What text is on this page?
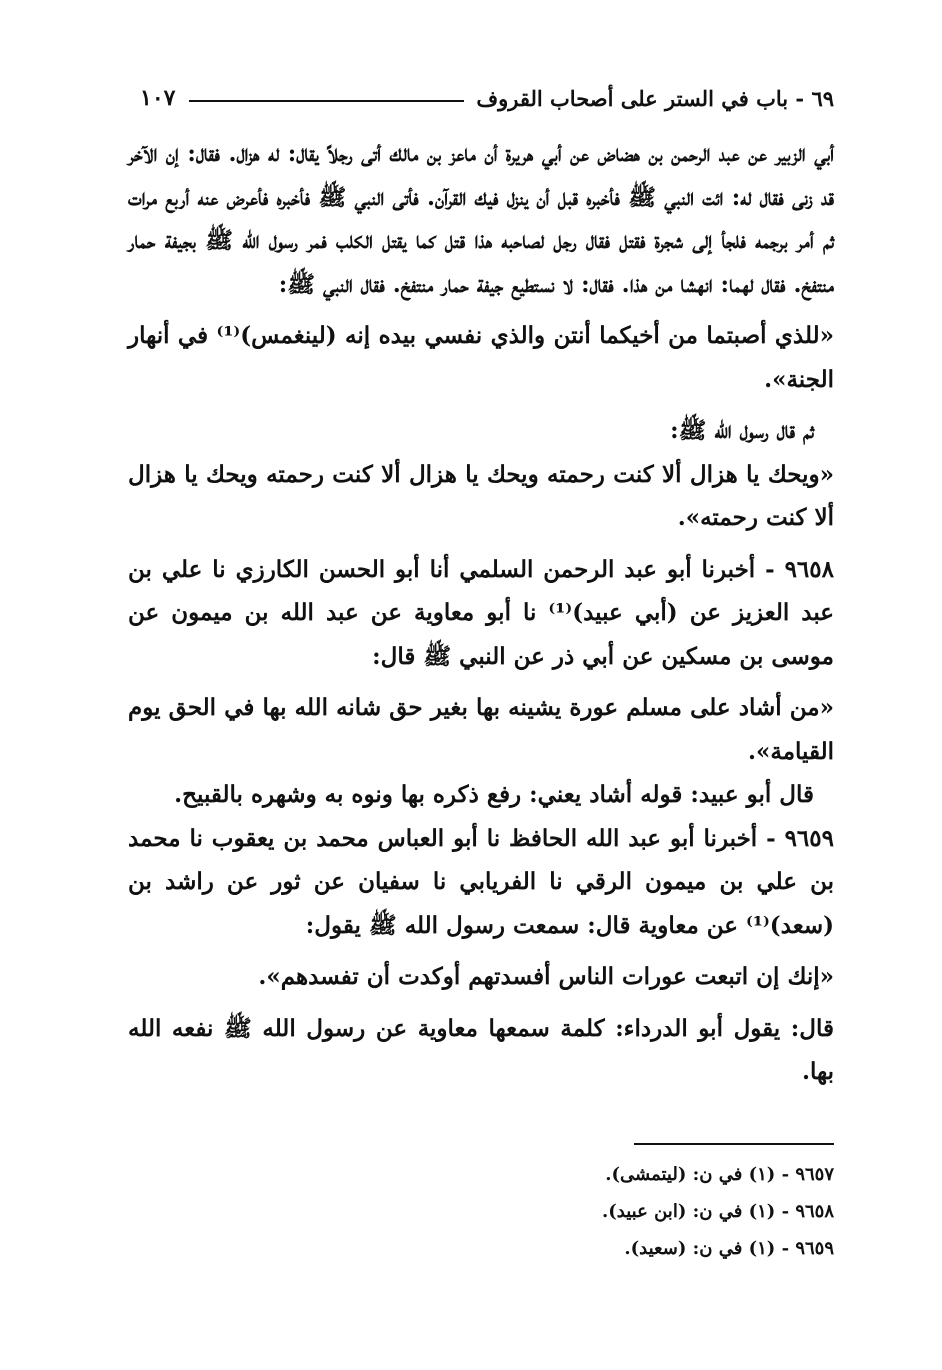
٦٩ - باب في الستر على أصحاب القروف
١٠٧

أبي الزبير عن عبد الرحمن بن هضاض عن أبي هريرة أن ماعز بن مالك أتى رجلاً يقال: له هزال. فقال: إن الآخر قد زنى فقال له: ائت النبي ﷺ فأخبره قبل أن ينزل فيك القرآن. فأتى النبي ﷺ فأخبره فأعرض عنه أربع مرات ثم أمر برجمه فلجأ إلى شجرة فقتل فقال رجل لصاحبه هذا قتل كما يقتل الكلب فمر رسول الله ﷺ بجيفة حمار منتفخ. فقال لهما: انهشا من هذا. فقال: لا نستطيع جيفة حمار منتفخ. فقال النبي ﷺ:

«للذي أصبتما من أخيكما أنتن والذي نفسي بيده إنه (لينغمس)⁽¹⁾ في أنهار الجنة».

ثم قال رسول الله ﷺ:

«ويحك يا هزال ألا كنت رحمته ويحك يا هزال ألا كنت رحمته ويحك يا هزال ألا كنت رحمته».

٩٦٥٨ - أخبرنا أبو عبد الرحمن السلمي أنا أبو الحسن الكارزي نا علي بن عبد العزيز عن (أبي عبيد)⁽¹⁾ نا أبو معاوية عن عبد الله بن ميمون عن موسى بن مسكين عن أبي ذر عن النبي ﷺ قال:

«من أشاد على مسلم عورة يشينه بها بغير حق شانه الله بها في الحق يوم القيامة».

قال أبو عبيد: قوله أشاد يعني: رفع ذكره بها ونوه به وشهره بالقبيح.

٩٦٥٩ - أخبرنا أبو عبد الله الحافظ نا أبو العباس محمد بن يعقوب نا محمد بن علي بن ميمون الرقي نا الفريابي نا سفيان عن ثور عن راشد بن (سعد)⁽¹⁾ عن معاوية قال: سمعت رسول الله ﷺ يقول:

«إنك إن اتبعت عورات الناس أفسدتهم أوكدت أن تفسدهم».

قال: يقول أبو الدرداء: كلمة سمعها معاوية عن رسول الله ﷺ نفعه الله بها.

٩٦٥٧ - (١) في ن: (ليتمشى).

٩٦٥٨ - (١) في ن: (ابن عبيد).

٩٦٥٩ - (١) في ن: (سعيد).
